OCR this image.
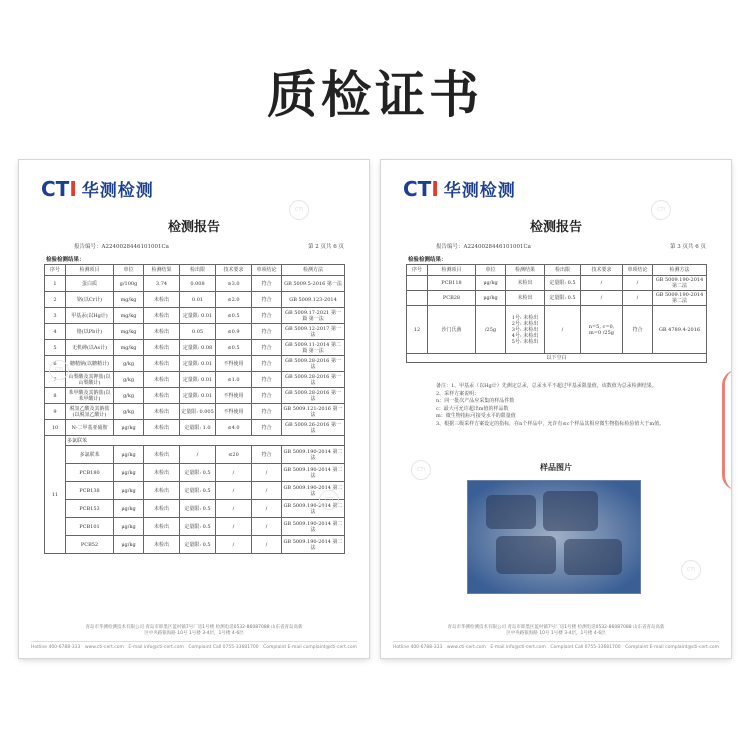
质检证书
CTI 华测检测
检测报告
报告编号：A2240028446101001Ca	第 2 页共 6 页
检验检测结果：
序号	检测项目	单位	检测结果	检出限	技术要求	单项结论	检测方法
1	蛋白质	g/100g	3.74	0.008	≥3.0	符合	GB 5009.5-2016 第一法
2	铬(以Cr计)	mg/kg	未检出	0.01	≤2.0	符合	GB 5009.123-2014
3	甲基汞(以Hg计)	mg/kg	未检出	定量限: 0.01	≤0.5	符合	GB 5009.17-2021 第一篇 第一法
4	铬(以Pb计)	mg/kg	未检出	0.05	≤0.9	符合	GB 5009.12-2017 第一法
5	无机砷(以As计)	mg/kg	未检出	定量限: 0.08	≤0.5	符合	GB 5009.11-2014 第二篇 第一法
6	糖精钠(以糖精计)	g/kg	未检出	定量限: 0.01	不得使用	符合	GB 5009.28-2016 第一法
7	山梨酸及其钾盐(以山梨酸计)	g/kg	未检出	定量限: 0.01	≤1.0	符合	GB 5009.28-2016 第一法
8	苯甲酸及其钠盐(以苯甲酸计)	g/kg	未检出	定量限: 0.01	不得使用	符合	GB 5009.28-2016 第一法
9	脱氢乙酸及其钠盐(以脱氢乙酸计)	g/kg	未检出	定量限: 0.005	不得使用	符合	GB 5009.121-2016 第一法
10	N-二甲基亚硝胺	μg/kg	未检出	定量限: 1.0	≤4.0	符合	GB 5009.26-2016 第一法
11	多氯联苯						
	多氯联苯	μg/kg	未检出	/	≤20	符合	GB 5009.190-2014 第二法
	PCB180	μg/kg	未检出	定量限: 0.5	/	/	GB 5009.190-2014 第二法
	PCB138	μg/kg	未检出	定量限: 0.5	/	/	GB 5009.190-2014 第二法
	PCB153	μg/kg	未检出	定量限: 0.5	/	/	GB 5009.190-2014 第二法
	PCB101	μg/kg	未检出	定量限: 0.5	/	/	GB 5009.190-2014 第二法
	PCB52	μg/kg	未检出	定量限: 0.5	/	/	GB 5009.190-2014 第二法
青岛市华测检测技术有限公司 青岛市即墨区蓝村镇7号厂房1号楼 检测电话0532-86087088 山东省青岛高新
区中央路银海路 10号 1号楼 3-4层，1号楼 4-6层
Hotline 400-6788-333 www.cti-cert.com E-mail info@cti-cert.com Complaint Call 0755-33681700 Complaint E-mail complaint@cti-cert.com
CTI
CTI
CTI
CTI 华测检测
检测报告
报告编号：A2240028446101001Ca	第 3 页共 6 页
检验检测结果：
序号	检测项目	单位	检测结果	检出限	技术要求	单项结论	检测方法
	PCB118	μg/kg	未检出	定量限: 0.5	/	/	GB 5009.190-2014 第二法
	PCB28	μg/kg	未检出	定量限: 0.5	/	/	GB 5009.190-2014 第二法
12	沙门氏菌	/25g	1号: 未检出
2号: 未检出
3号: 未检出
4号: 未检出
5号: 未检出	/	n=5, c=0, m=0 /25g	符合	GB 4789.4-2016
以下空白							
备注：1、甲基汞（以Hg计）先测定总汞，总汞水平不超过甲基汞限量值，该数值为总汞检测结果。
2、采样方案说明：
n：同一批次产品应采集的样品件数
c：最大可允许超出m值的样品数
m：微生物指标可接受水平的限量值
3、根据三级采样方案设定的指标，在n个样品中，允许有≤c个样品其相应微生物指标检验值大于m值。
样品图片
青岛市华测检测技术有限公司 青岛市即墨区蓝村镇7号厂房1号楼 检测电话0532-86087088 山东省青岛高新
区中央路银海路 10号 1号楼 3-4层，1号楼 4-6层
Hotline 400-6788-333 www.cti-cert.com E-mail info@cti-cert.com Complaint Call 0755-33681700 Complaint E-mail complaint@cti-cert.com
CTI
CTI
CTI
